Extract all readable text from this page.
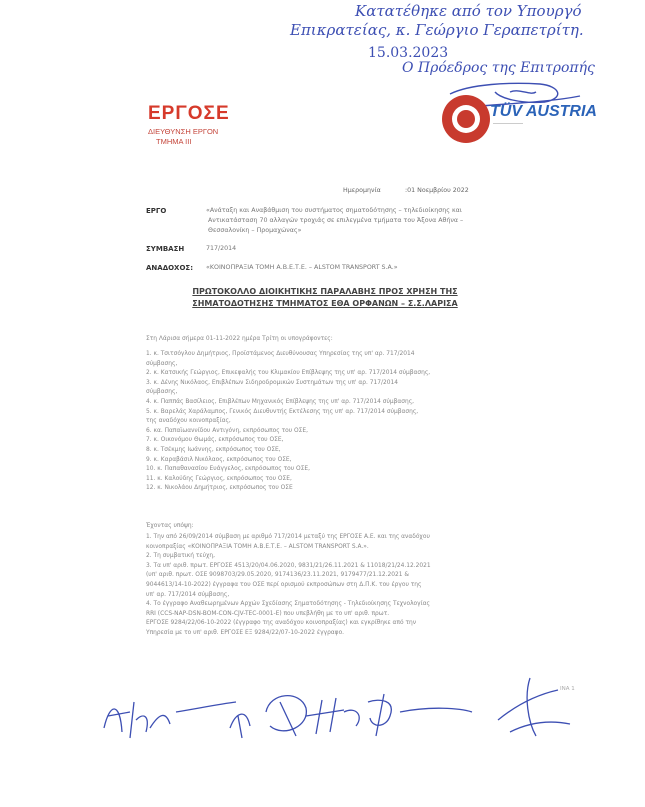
Κατατέθηκε από τον Υπουργό
Επικρατείας, κ. Γεώργιο Γεραπετρίτη.
15.03.2023
Ο Πρόεδρος της Επιτροπής
ΕΡΓΟΣΕ
ΔΙΕΥΘΥΝΣΗ ΕΡΓΟΝ
ΤΜΗΜΑ III
TÜV AUSTRIA
Ημερομηνία	:01 Νοεμβρίου 2022
ΕΡΓΟ	«Ανάταξη και Αναβάθμιση του συστήματος σηματοδότησης – τηλεδιοίκησης και
Αντικατάσταση 70 αλλαγών τροχιάς σε επιλεγμένα τμήματα του Άξονα Αθήνα –
Θεσσαλονίκη – Προμαχώνας»
ΣΥΜΒΑΣΗ	717/2014
ΑΝΑΔΟΧΟΣ: «ΚΟΙΝΟΠΡΑΞΙΑ ΤΟΜΗ Α.Β.Ε.Τ.Ε. – ALSTOM TRANSPORT S.A.»
ΠΡΩΤΟΚΟΛΛΟ ΔΙΟΙΚΗΤΙΚΗΣ ΠΑΡΑΛΑΒΗΣ ΠΡΟΣ ΧΡΗΣΗ ΤΗΣ
ΣΗΜΑΤΟΔΟΤΗΣΗΣ ΤΜΗΜΑΤΟΣ ΕΘΑ ΟΡΦΑΝΩΝ – Σ.Σ.ΛΑΡΙΣΑ
Στη Λάρισα σήμερα 01-11-2022 ημέρα Τρίτη οι υπογράφοντες:
1. κ. Τσιτσόγλου Δημήτριος, Προϊστάμενος Διευθύνουσας Υπηρεσίας της υπ' αρ. 717/2014
σύμβασης,
2. κ. Κατσικής Γεώργιος, Επικεφαλής του Κλιμακίου Επίβλεψης της υπ' αρ. 717/2014 σύμβασης,
3. κ. Δένης Νικόλαος, Επιβλέπων Σιδηροδρομικών Συστημάτων της υπ' αρ. 717/2014
σύμβασης,
4. κ. Παππάς Βασίλειος, Επιβλέπων Μηχανικός Επίβλεψης της υπ' αρ. 717/2014 σύμβασης,
5. κ. Βαρελάς Χαράλαμπος, Γενικός Διευθυντής Εκτέλεσης της υπ' αρ. 717/2014 σύμβασης,
της αναδόχου κοινοπραξίας,
6. κα. Παπαϊωαννίδου Αντιγόνη, εκπρόσωπος του ΟΣΕ,
7. κ. Οικονόμου Θωμάς, εκπρόσωπος του ΟΣΕ,
8. κ. Τσέκμης Ιωάννης, εκπρόσωπος του ΟΣΕ,
9. κ. Καραβάσιλ Νικόλαος, εκπρόσωπος του ΟΣΕ,
10. κ. Παπαθανασίου Ευάγγελος, εκπρόσωπος του ΟΣΕ,
11. κ. Καλούδης Γεώργιος, εκπρόσωπος του ΟΣΕ,
12. κ. Νικολάου Δημήτριος, εκπρόσωπος του ΟΣΕ
Έχοντας υπόψη:
1. Την από 26/09/2014 σύμβαση με αριθμό 717/2014 μεταξύ της ΕΡΓΟΣΕ Α.Ε. και της αναδόχου
κοινοπραξίας «ΚΟΙΝΟΠΡΑΞΙΑ ΤΟΜΗ Α.Β.Ε.Τ.Ε. – ALSTOM TRANSPORT S.A.».
2. Τη συμβατική τεύχη,
3. Τα υπ' αριθ. πρωτ. ΕΡΓΟΣΕ 4513/20/04.06.2020, 9831/21/26.11.2021 & 11018/21/24.12.2021
(υπ' αριθ. πρωτ. ΟΣΕ 9098703/29.05.2020, 9174136/23.11.2021, 9179477/21.12.2021 &
9044613/14-10-2022) έγγραφα του ΟΣΕ περί ορισμού εκπροσώπων στη Δ.Π.Κ. του έργου της
υπ' αρ. 717/2014 σύμβασης,
4. Το έγγραφο Αναθεωρημένων Αρχών Σχεδίασης Σηματοδότησης - Τηλεδιοίκησης Τεχνολογίας
RRI (CCS-NAP-DSN-BOM-CON-CJV-TEC-0001-E) που υπεβλήθη με το υπ' αριθ. πρωτ.
ΕΡΓΟΣΕ 9284/22/06-10-2022 (έγγραφο της αναδόχου κοινοπραξίας) και εγκρίθηκε από την
Υπηρεσία με το υπ' αριθ. ΕΡΓΟΣΕ ΕΞ 9284/22/07-10-2022 έγγραφο.
INA 1
